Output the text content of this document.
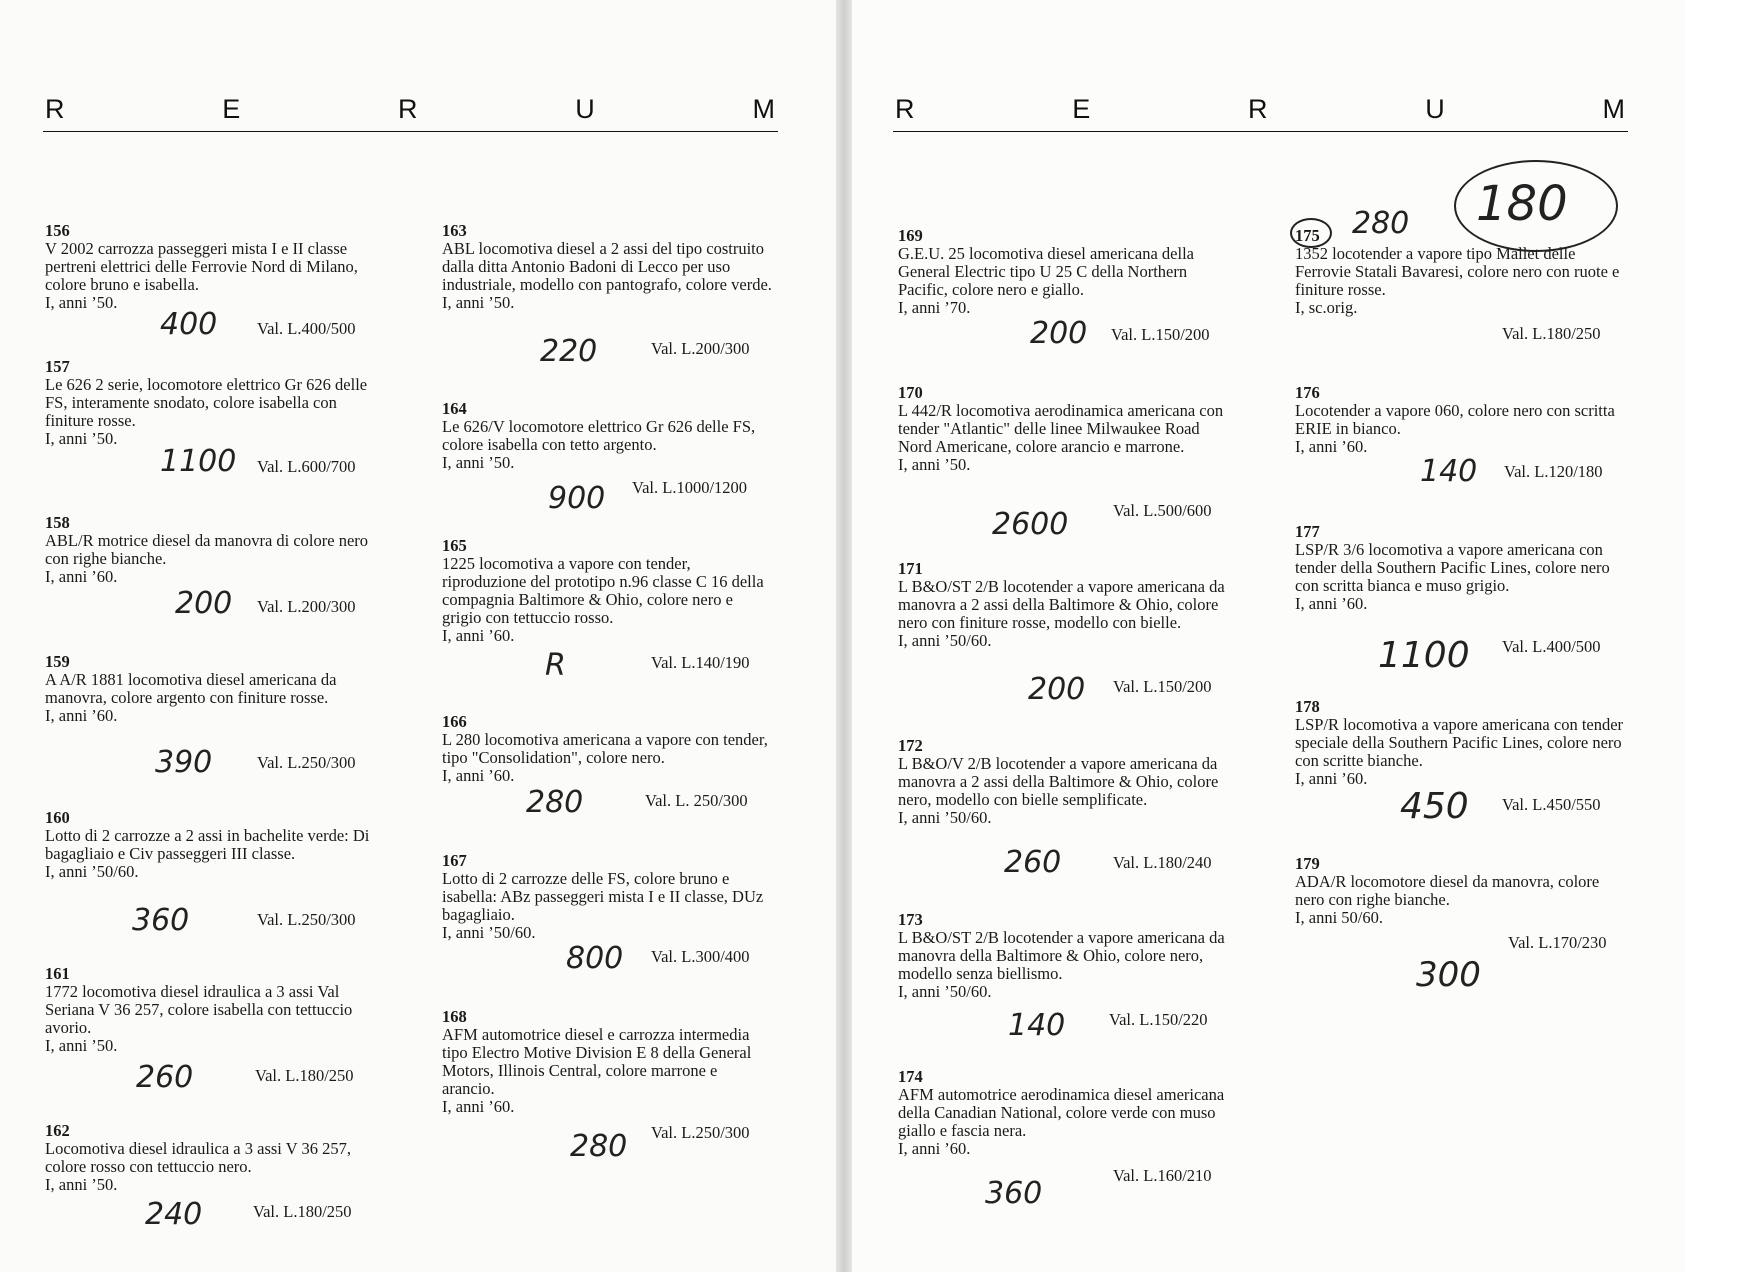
R	E	R	U	M	R	E	R	U	M
156
V 2002 carrozza passeggeri mista I e II classe pertreni elettrici delle Ferrovie Nord di Milano, colore bruno e isabella.
I, anni ’50.
400 Val. L.400/500
157
Le 626 2 serie, locomotore elettrico Gr 626 delle FS, interamente snodato, colore isabella con finiture rosse.
I, anni ’50.
1100 Val. L.600/700
158
ABL/R motrice diesel da manovra di colore nero con righe bianche.
I, anni ’60.
200 Val. L.200/300
159
A A/R 1881 locomotiva diesel americana da manovra, colore argento con finiture rosse.
I, anni ’60.
390	Val. L.250/300
160
Lotto di 2 carrozze a 2 assi in bachelite verde: Di bagagliaio e Civ passeggeri III classe.
I, anni ’50/60.
360	Val. L.250/300
161
1772 locomotiva diesel idraulica a 3 assi Val Seriana V 36 257, colore isabella con tettuccio avorio.
I, anni ’50.
260	Val. L.180/250
162
Locomotiva diesel idraulica a 3 assi V 36 257, colore rosso con tettuccio nero.
I, anni ’50.
240	Val. L.180/250
163
ABL locomotiva diesel a 2 assi del tipo costruito dalla ditta Antonio Badoni di Lecco per uso industriale, modello con pantografo, colore verde.
I, anni ’50.
220	Val. L.200/300
164
Le 626/V locomotore elettrico Gr 626 delle FS, colore isabella con tetto argento.
I, anni ’50.
900 Val. L.1000/1200
165
1225 locomotiva a vapore con tender, riproduzione del prototipo n.96 classe C 16 della compagnia Baltimore & Ohio, colore nero e grigio con tettuccio rosso.
I, anni ’60.
R	Val. L.140/190
166
L 280 locomotiva americana a vapore con tender, tipo "Consolidation", colore nero.
I, anni ’60.
280	Val. L. 250/300
167
Lotto di 2 carrozze delle FS, colore bruno e isabella: ABz passeggeri mista I e II classe, DUz bagagliaio.
I, anni ’50/60.
800 Val. L.300/400
168
AFM automotrice diesel e carrozza intermedia tipo Electro Motive Division E 8 della General Motors, Illinois Central, colore marrone e arancio.
I, anni ’60.
280 Val. L.250/300
169
G.E.U. 25 locomotiva diesel americana della General Electric tipo U 25 C della Northern Pacific, colore nero e giallo.
I, anni ’70.
200 Val. L.150/200
170
L 442/R locomotiva aerodinamica americana con tender "Atlantic" delle linee Milwaukee Road Nord Americane, colore arancio e marrone.
I, anni ’50.
2600	Val. L.500/600
171
L B&O/ST 2/B locotender a vapore americana da manovra a 2 assi della Baltimore & Ohio, colore nero con finiture rosse, modello con bielle.
I, anni ’50/60.
200 Val. L.150/200
172
L B&O/V 2/B locotender a vapore americana da manovra a 2 assi della Baltimore & Ohio, colore nero, modello con bielle semplificate.
I, anni ’50/60.
260	Val. L.180/240
173
L B&O/ST 2/B locotender a vapore americana da manovra della Baltimore & Ohio, colore nero, modello senza biellismo.
I, anni ’50/60.
140	Val. L.150/220
174
AFM automotrice aerodinamica diesel americana della Canadian National, colore verde con muso giallo e fascia nera.
I, anni ’60.
360
Val. L.160/210
175
1352 locotender a vapore tipo Mallet delle Ferrovie Statali Bavaresi, colore nero con ruote e finiture rosse.
I, sc.orig.
280 180
Val. L.180/250
176
Locotender a vapore 060, colore nero con scritta ERIE in bianco.
I, anni ’60.
140 Val. L.120/180
177
LSP/R 3/6 locomotiva a vapore americana con tender della Southern Pacific Lines, colore nero con scritta bianca e muso grigio.
I, anni ’60.
1100 Val. L.400/500
178
LSP/R locomotiva a vapore americana con tender speciale della Southern Pacific Lines, colore nero con scritte bianche.
I, anni ’60.
450 Val. L.450/550
179
ADA/R locomotore diesel da manovra, colore nero con righe bianche.
I, anni 50/60.
300
Val. L.170/230
